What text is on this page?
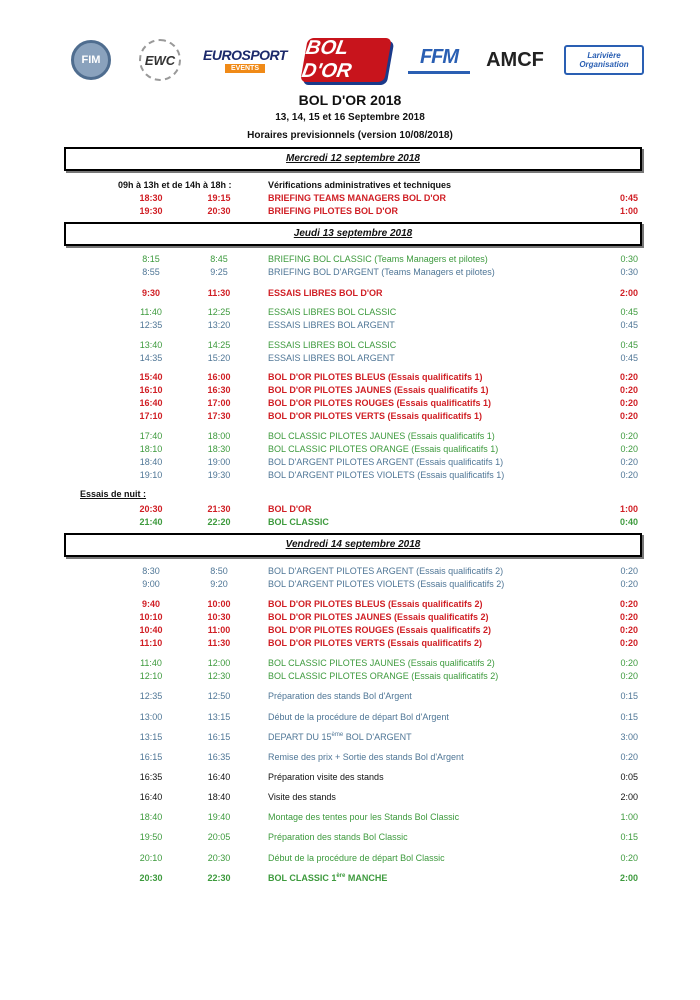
FIM	EWC	EUROSPORT
EVENTS
BOL D'OR
FFM	AMCF	Larivière Organisation
BOL D'OR 2018
13, 14, 15 et 16 Septembre 2018
Horaires previsionnels (version 10/08/2018)
Mercredi 12 septembre 2018
09h à 13h et de 14h à 18h :	Vérifications administratives et techniques
18:30	19:15	BRIEFING TEAMS MANAGERS BOL D'OR	0:45
19:30	20:30	BRIEFING PILOTES BOL D'OR	1:00
Jeudi 13 septembre 2018
8:15	8:45	BRIEFING BOL CLASSIC (Teams Managers et pilotes)	0:30
8:55	9:25	BRIEFING BOL D'ARGENT (Teams Managers et pilotes)	0:30
9:30	11:30	ESSAIS LIBRES BOL D'OR	2:00
11:40	12:25	ESSAIS LIBRES BOL CLASSIC	0:45
12:35	13:20	ESSAIS LIBRES BOL ARGENT	0:45
13:40	14:25	ESSAIS LIBRES BOL CLASSIC	0:45
14:35	15:20	ESSAIS LIBRES BOL ARGENT	0:45
15:40	16:00	BOL D'OR PILOTES BLEUS (Essais qualificatifs 1)	0:20
16:10	16:30	BOL D'OR PILOTES JAUNES (Essais qualificatifs 1)	0:20
16:40	17:00	BOL D'OR PILOTES ROUGES (Essais qualificatifs 1)	0:20
17:10	17:30	BOL D'OR PILOTES VERTS (Essais qualificatifs 1)	0:20
17:40	18:00	BOL CLASSIC PILOTES JAUNES (Essais qualificatifs 1)	0:20
18:10	18:30	BOL CLASSIC PILOTES ORANGE (Essais qualificatifs 1)	0:20
18:40	19:00	BOL D'ARGENT PILOTES ARGENT (Essais qualificatifs 1)	0:20
19:10	19:30	BOL D'ARGENT PILOTES VIOLETS (Essais qualificatifs 1)	0:20
Essais de nuit :
20:30	21:30	BOL D'OR	1:00
21:40	22:20	BOL CLASSIC	0:40
Vendredi 14 septembre 2018
8:30	8:50	BOL D'ARGENT PILOTES ARGENT (Essais qualificatifs 2)	0:20
9:00	9:20	BOL D'ARGENT PILOTES VIOLETS (Essais qualificatifs 2)	0:20
9:40	10:00	BOL D'OR PILOTES BLEUS (Essais qualificatifs 2)	0:20
10:10	10:30	BOL D'OR PILOTES JAUNES (Essais qualificatifs 2)	0:20
10:40	11:00	BOL D'OR PILOTES ROUGES (Essais qualificatifs 2)	0:20
11:10	11:30	BOL D'OR PILOTES VERTS (Essais qualificatifs 2)	0:20
11:40	12:00	BOL CLASSIC PILOTES JAUNES (Essais qualificatifs 2)	0:20
12:10	12:30	BOL CLASSIC PILOTES ORANGE (Essais qualificatifs 2)	0:20
12:35	12:50	Préparation des stands Bol d'Argent	0:15
13:00	13:15	Début de la procédure de départ Bol d'Argent	0:15
13:15	16:15	DEPART DU 15ème BOL D'ARGENT	3:00
16:15	16:35	Remise des prix + Sortie des stands Bol d'Argent	0:20
16:35	16:40	Préparation visite des stands	0:05
16:40	18:40	Visite des stands	2:00
18:40	19:40	Montage des tentes pour les Stands Bol Classic	1:00
19:50	20:05	Préparation des stands Bol Classic	0:15
20:10	20:30	Début de la procédure de départ Bol Classic	0:20
20:30	22:30	BOL CLASSIC 1ère MANCHE	2:00
